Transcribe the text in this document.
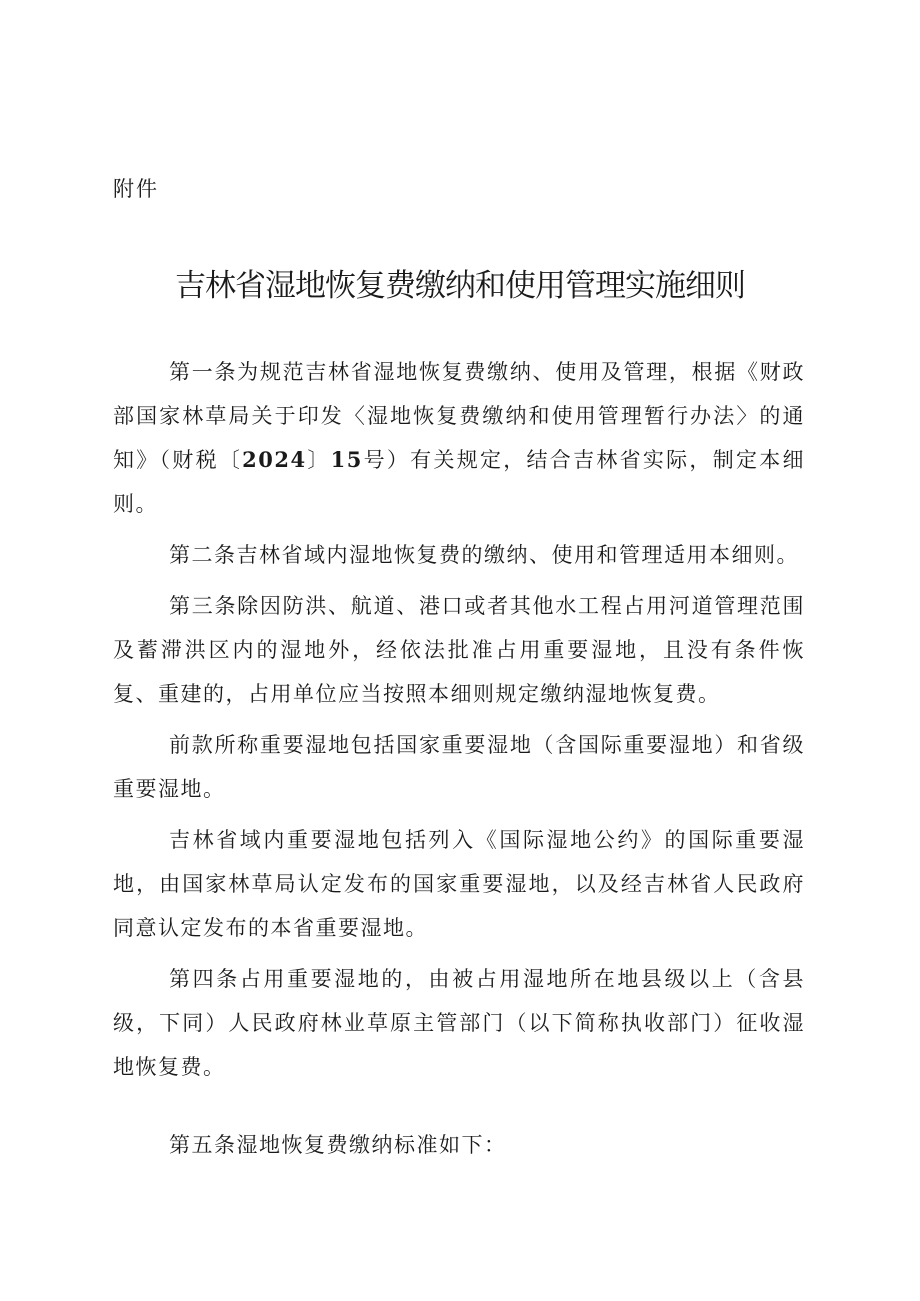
附件
吉林省湿地恢复费缴纳和使用管理实施细则

第一条为规范吉林省湿地恢复费缴纳、使用及管理，根据《财政部国家林草局关于印发〈湿地恢复费缴纳和使用管理暂行办法〉的通知》（财税〔2024〕15号）有关规定，结合吉林省实际，制定本细则。

第二条吉林省域内湿地恢复费的缴纳、使用和管理适用本细则。

第三条除因防洪、航道、港口或者其他水工程占用河道管理范围及蓄滞洪区内的湿地外，经依法批准占用重要湿地，且没有条件恢复、重建的，占用单位应当按照本细则规定缴纳湿地恢复费。

前款所称重要湿地包括国家重要湿地（含国际重要湿地）和省级重要湿地。

吉林省域内重要湿地包括列入《国际湿地公约》的国际重要湿地，由国家林草局认定发布的国家重要湿地，以及经吉林省人民政府同意认定发布的本省重要湿地。

第四条占用重要湿地的，由被占用湿地所在地县级以上（含县级，下同）人民政府林业草原主管部门（以下简称执收部门）征收湿地恢复费。

第五条湿地恢复费缴纳标准如下：
